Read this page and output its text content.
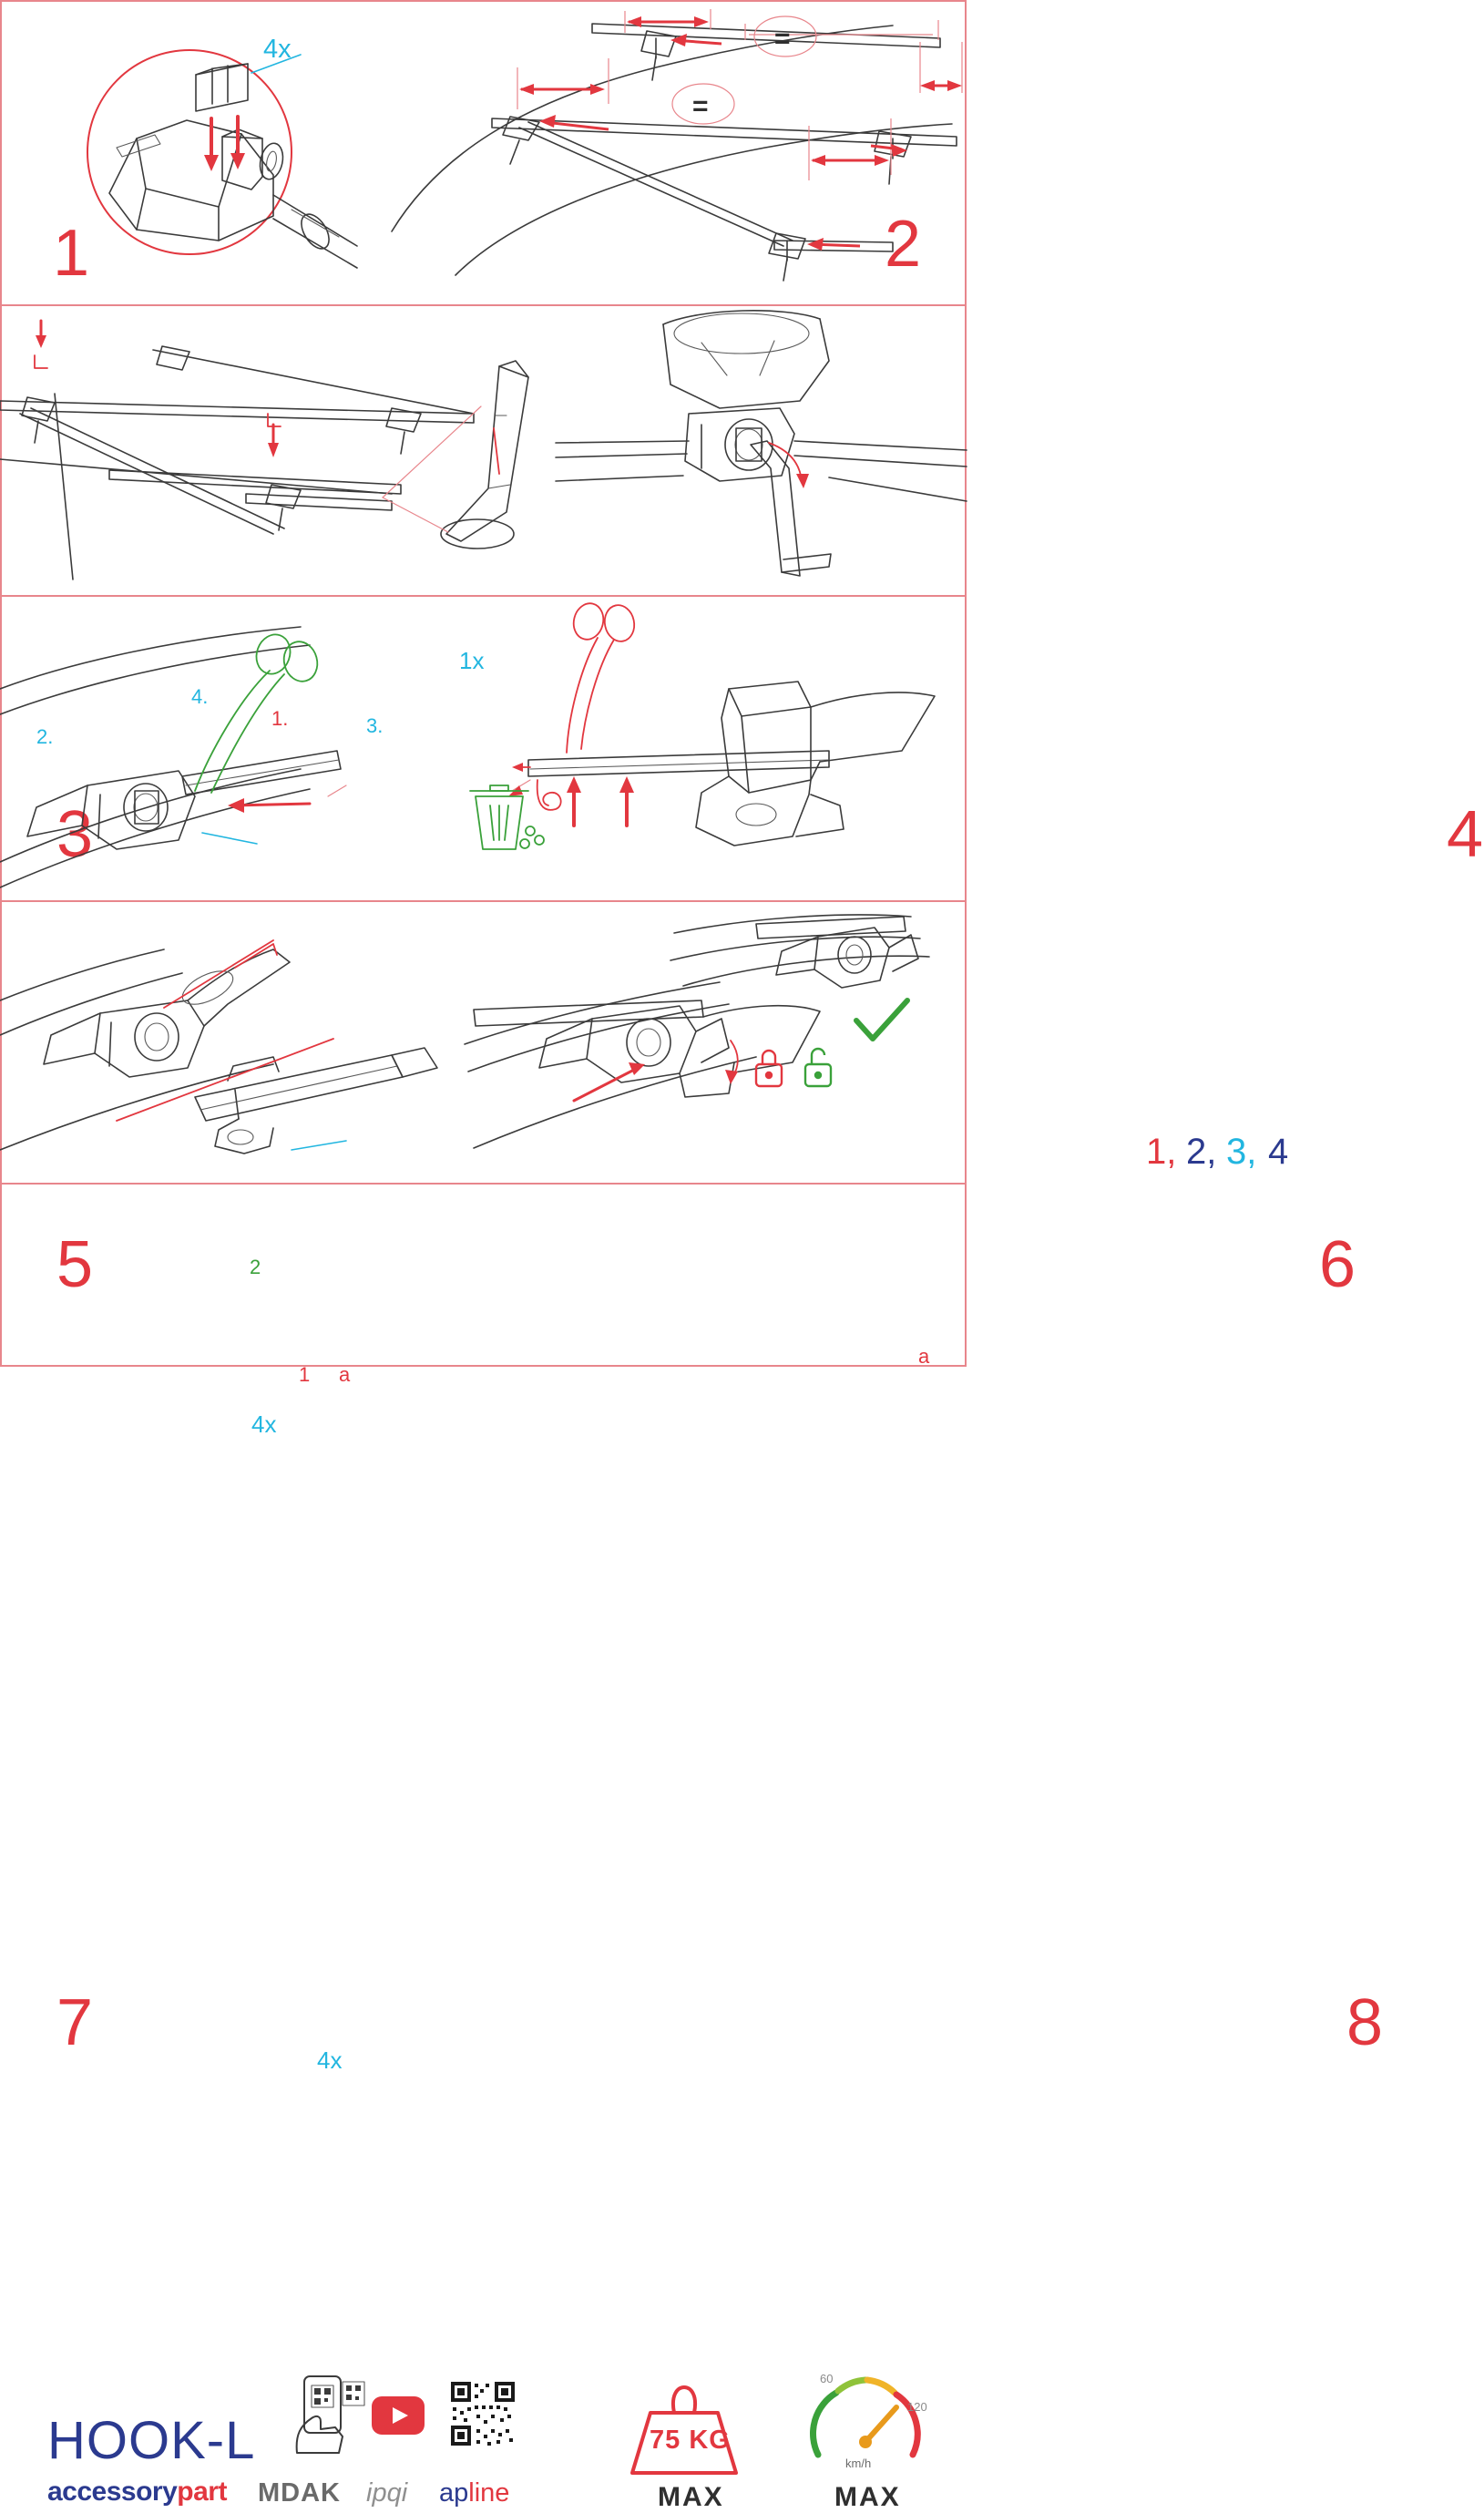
4x
1
=
=
2
1.
2.	3.
4.
1x
3
1, 2, 3, 4
4
5	2
1 a
4x
a
6
7
4x
8
HOOK-L
accessorypart MDAK ipqi apline
75 KG
MAX
60
120
km/h
MAX
